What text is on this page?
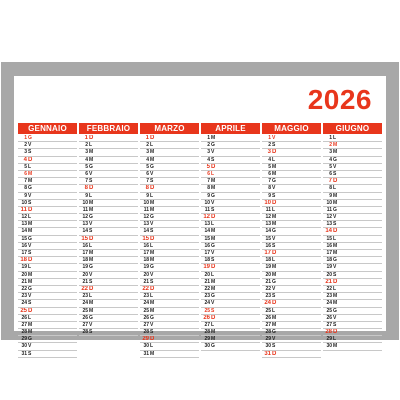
2026
GENNAIO
1 G
2 V
3 S
4 D
5 L
6 M
7 M
8 G
9 V
10 S
11 D
12 L
13 M
14 M
15 G
16 V
17 S
18 D
19 L
20 M
21 M
22 G
23 V
24 S
25 D
26 L
27 M
28 M
29 G
30 V
31 S
FEBBRAIO
1 D
2 L
3 M
4 M
5 G
6 V
7 S
8 D
9 L
10 M
11 M
12 G
13 V
14 S
15 D
16 L
17 M
18 M
19 G
20 V
21 S
22 D
23 L
24 M
25 M
26 G
27 V
28 S
MARZO
1 D
2 L
3 M
4 M
5 G
6 V
7 S
8 D
9 L
10 M
11 M
12 G
13 V
14 S
15 D
16 L
17 M
18 M
19 G
20 V
21 S
22 D
23 L
24 M
25 M
26 G
27 V
28 S
29 D
30 L
31 M
APRILE
1 M
2 G
3 V
4 S
5 D
6 L
7 M
8 M
9 G
10 V
11 S
12 D
13 L
14 M
15 M
16 G
17 V
18 S
19 D
20 L
21 M
22 M
23 G
24 V
25 S
26 D
27 L
28 M
29 M
30 G
MAGGIO
1 V
2 S
3 D
4 L
5 M
6 M
7 G
8 V
9 S
10 D
11 L
12 M
13 M
14 G
15 V
16 S
17 D
18 L
19 M
20 M
21 G
22 V
23 S
24 D
25 L
26 M
27 M
28 G
29 V
30 S
31 D
GIUGNO
1 L
2 M
3 M
4 G
5 V
6 S
7 D
8 L
9 M
10 M
11 G
12 V
13 S
14 D
15 L
16 M
17 M
18 G
19 V
20 S
21 D
22 L
23 M
24 M
25 G
26 V
27 S
28 D
29 L
30 M
